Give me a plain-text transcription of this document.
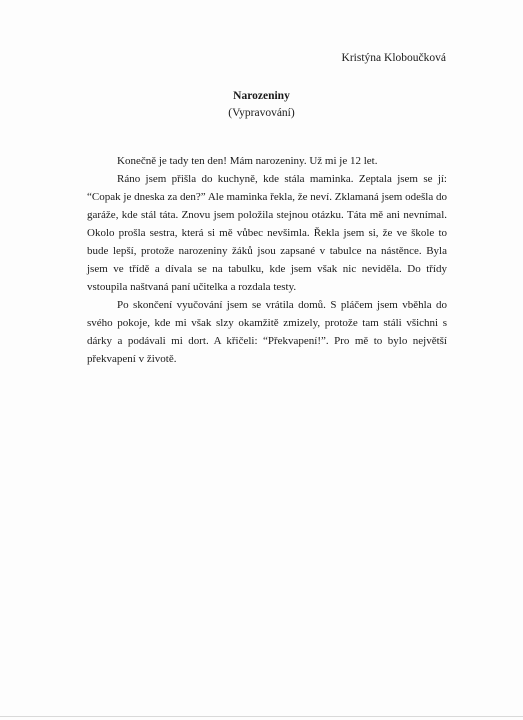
Kristýna Kloboučková
Narozeniny
(Vypravování)

Konečně je tady ten den! Mám narozeniny. Už mi je 12 let.

Ráno jsem přišla do kuchyně, kde stála maminka. Zeptala jsem se jí: “Copak je dneska za den?” Ale maminka řekla, že neví. Zklamaná jsem odešla do garáže, kde stál táta. Znovu jsem položila stejnou otázku. Táta mě ani nevnímal. Okolo prošla sestra, která si mě vůbec nevšimla. Řekla jsem si, že ve škole to bude lepší, protože narozeniny žáků jsou zapsané v tabulce na nástěnce. Byla jsem ve třídě a dívala se na tabulku, kde jsem však nic neviděla. Do třídy vstoupila naštvaná paní učitelka a rozdala testy.

Po skončení vyučování jsem se vrátila domů. S pláčem jsem vběhla do svého pokoje, kde mi však slzy okamžitě zmizely, protože tam stáli všichni s dárky a podávali mi dort. A křičeli: “Překvapení!”. Pro mě to bylo největší překvapení v životě.
